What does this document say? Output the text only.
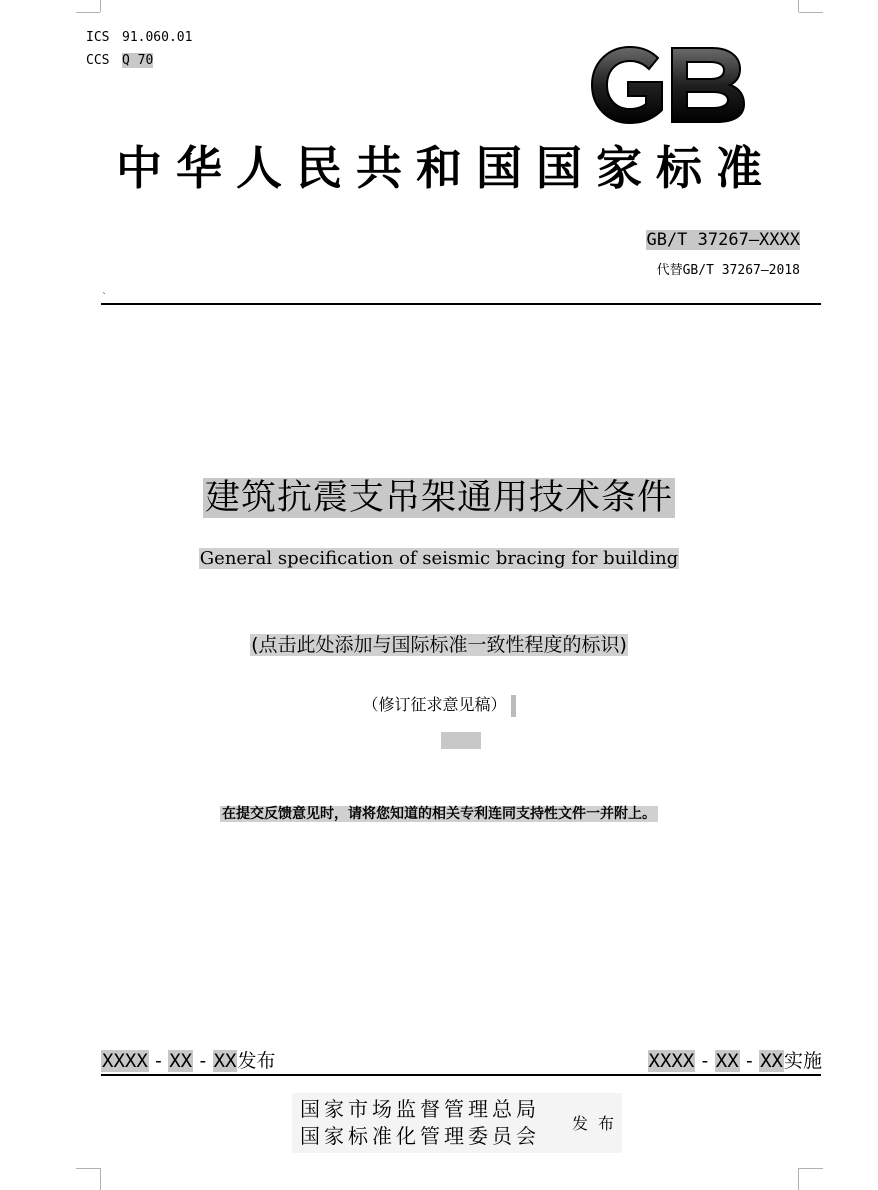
ICS 91.060.01
CCS Q 70
中华人民共和国国家标准
GB/T 37267—XXXX
代替GB/T 37267—2018
`
建筑抗震支吊架通用技术条件
General specification of seismic bracing for building
(点击此处添加与国际标准一致性程度的标识)
（修订征求意见稿）
在提交反馈意见时，请将您知道的相关专利连同支持性文件一并附上。
XXXX - XX - XX发布	XXXX - XX - XX实施
国家市场监督管理总局
国家标准化管理委员会
发布
